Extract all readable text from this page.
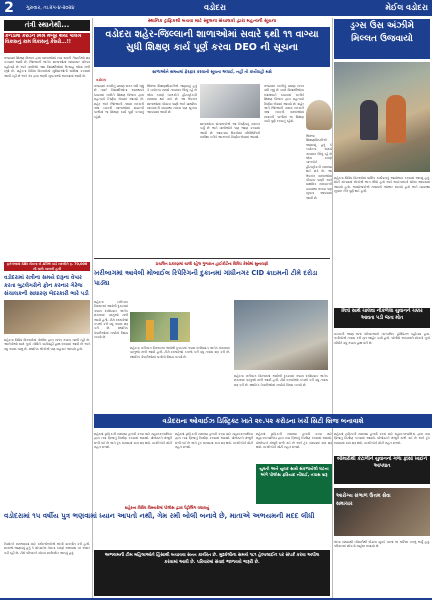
2	ગુરુવાર, તા.૨૫-૪-૨૦૨૪	વડોદરા	મેઈલ વડોદરા
તંત્રી સ્થાનેથી...
કેનેડામાં કરુંડન મિશ્ર મંજૂર થયા પાલખ વિકાસનું કામ વિકાસનું કેસરો...!!
રાજ્યમાં શિક્ષણ વિભાગ દ્વારા શાળાઓમાં નવા સત્રની તૈયારીઓ શરૂ કરવામાં આવી છે. જિલ્લાની અનેક શાળાઓમાં સમયસર પરિપત્ર પહોંચ્યો છે અને વાલીઓ તથા વિદ્યાર્થીઓમાં ઉત્સાહ જોવા મળી રહ્યો છે. શહેરના વિવિધ વિસ્તારોમાં સુવિધાઓની સમીક્ષા કરવામાં આવી રહી છે અને તંત્ર દ્વારા જરૂરી સૂચનાઓ આપવામાં આવી છે.
ફતેગંજમાં SBI બેંકના બે ATM કાર્ડ બદલીને રૂ. 70,000 ની ચાઉં ચાલતી હતી
વડોદરામાં રાત્રીના સમયે દારૂના વેપાર કરતા બુટલેગરોને ફોન કરનાર ગેરેજ સંચાલકની સાધારણ બેદરકારી ભારે પડી
શહેરના વિવિધ વિસ્તારોમાં પોલીસ દ્વારા સતત તપાસ ચાલી રહી છે. આરોપીઓ સામે ગુનો નોંધીને કાર્યવાહી હાથ ધરવામાં આવી છે અને વધુ તપાસ ચાલુ છે. સ્થાનિક લોકોએ પણ સહકાર આપ્યો હતો.
સ્થાનિક ટ્રાફિકથી બચવા માટે સ્કૂલના સંચાલકો દ્વારા મહત્વની સૂચના
વડોદરા શહેર-જિલ્લાની શાળાઓમાં સવારે ૬થી ૧૧ વાગ્યા સુધી શિક્ષણ કાર્ય પૂર્ણ કરવા DEO ની સૂચના
શાળાઓને સમયમાં ફેરફાર કરવાની સૂચના અપાઈ, નહીં તો કાર્યવાહી થશે
વડોદરા
રાજ્યમાં ગરમીનું પ્રમાણ સતત વધી રહ્યું છે ત્યારે વિદ્યાર્થીઓના સ્વાસ્થ્યને ધ્યાનમાં રાખીને શિક્ષણ વિભાગ દ્વારા મહત્વનો નિર્ણય લેવામાં આવ્યો છે. શહેર અને જિલ્લાની તમામ સરકારી તથા ખાનગી શાળાઓમાં સવારની પાળીમાં જ શિક્ષણ કાર્ય પૂર્ણ કરવાનું રહેશે.
જિલ્લા શિક્ષણાધિકારીએ જણાવ્યું હતું કે બપોરના સમયે તાપમાન ઊંચું રહે છે જેના કારણે બાળકોને હીટસ્ટ્રોકની સમસ્યા થઈ શકે છે. આ ઉપરાંત શાળાઓમાં પીવાના પાણી અને પ્રાથમિક સારવારની વ્યવસ્થા રાખવા પણ સૂચના આપવામાં આવી છે.
શાળાઓના સંચાલકોએ આ નિર્ણયનું સ્વાગત કર્યું છે અને વાલીઓને પણ જાણ કરવામાં આવી છે. આવનારા દિવસોમાં પરિસ્થિતિની સમીક્ષા કરીને આગળનો નિર્ણય લેવામાં આવશે.
રાજ્યમાં ગરમીનું પ્રમાણ સતત વધી રહ્યું છે ત્યારે વિદ્યાર્થીઓના સ્વાસ્થ્યને ધ્યાનમાં રાખીને શિક્ષણ વિભાગ દ્વારા મહત્વનો નિર્ણય લેવામાં આવ્યો છે. શહેર અને જિલ્લાની તમામ સરકારી તથા ખાનગી શાળાઓમાં સવારની પાળીમાં જ શિક્ષણ કાર્ય પૂર્ણ કરવાનું રહેશે.
જિલ્લા શિક્ષણાધિકારીએ જણાવ્યું હતું કે બપોરના સમયે તાપમાન ઊંચું રહે છે જેના કારણે બાળકોને હીટસ્ટ્રોકની સમસ્યા થઈ શકે છે. આ ઉપરાંત શાળાઓમાં પીવાના પાણી અને પ્રાથમિક સારવારની વ્યવસ્થા રાખવા પણ સૂચના આપવામાં આવી છે.
ડ્રગ્સ ઉંસ અંઝીમે મિલ્લત ઉજવાયો
શહેરના વિવિધ વિસ્તારોમાં ધાર્મિક કાર્યક્રમનું આયોજન કરવામાં આવ્યું હતું. મોટી સંખ્યામાં લોકોએ ભાગ લીધો હતો અને ભાઈચારાનો સંદેશ આપવામાં આવ્યો હતો. આયોજકોએ તમામનો આભાર માન્યો હતો અને વ્યવસ્થા સુચારુ રીતે પૂર્ણ થઈ હતી.
પ્રચલિત પ્રકરણમાં ચાલી રહેલ ગુજરાત હાઈકોર્ટના વિવિધ કેસોમાં સુનાવણી
ખરીબાગમાં આવેલી મોબાઈલ રિપેરિંગની દુકાનમાં ગાંધીનગર CID ક્રાઇમની ટીમે દરોડા પાડ્યા
શહેરના ખરીબાગ વિસ્તારમાં આવેલી દુકાનમાં તપાસ દરમિયાન અનેક શંકાસ્પદ વસ્તુઓ મળી આવી હતી. ટીમે દસ્તાવેજો કબજે કરી વધુ તપાસ શરૂ કરી છે. સ્થાનિક વેપારીઓમાં ચર્ચાનો વિષય બન્યો છે.
શહેરના ખરીબાગ વિસ્તારમાં આવેલી દુકાનમાં તપાસ દરમિયાન અનેક શંકાસ્પદ વસ્તુઓ મળી આવી હતી. ટીમે દસ્તાવેજો કબજે કરી વધુ તપાસ શરૂ કરી છે. સ્થાનિક વેપારીઓમાં ચર્ચાનો વિષય બન્યો છે.
શહેરના ખરીબાગ વિસ્તારમાં આવેલી દુકાનમાં તપાસ દરમિયાન અનેક શંકાસ્પદ વસ્તુઓ મળી આવી હતી. ટીમે દસ્તાવેજો કબજે કરી વધુ તપાસ શરૂ કરી છે. સ્થાનિક વેપારીઓમાં ચર્ચાનો વિષય બન્યો છે.
મિત્રો સાથે ચાલવા નીકળેલા યુવાનને ચક્કર આવતા પડી જતા મોત
ઘટનાની જાણ થતાં પરિવારજનો તાત્કાલિક હોસ્પિટલ પહોંચ્યા હતા. તબીબોએ તપાસ કરી મૃત જાહેર કર્યો હતો. પોલીસે અકસ્માતે મોતનો ગુનો નોંધીને વધુ તપાસ હાથ ધરી છે.
વડોદરાના ઓવાઈઝ ડિસ્ટ્રિક્ટ ખાતે ૨૯.૫૨ કરોડના ખર્ચે સિટી બ્રિજ બનાવાશે
શહેરમાં ટ્રાફિકની સમસ્યા હળવી કરવા માટે મહાનગરપાલિકા દ્વારા નવા બ્રિજનું નિર્માણ કરવામાં આવશે. પ્રોજેક્ટને મંજૂરી મળી ગઈ છે અને ટૂંક સમયમાં કામ શરૂ થશે. નાગરિકોને મોટી રાહત મળશે.
શહેરમાં ટ્રાફિકની સમસ્યા હળવી કરવા માટે મહાનગરપાલિકા દ્વારા નવા બ્રિજનું નિર્માણ કરવામાં આવશે. પ્રોજેક્ટને મંજૂરી મળી ગઈ છે અને ટૂંક સમયમાં કામ શરૂ થશે. નાગરિકોને મોટી રાહત મળશે.
શહેરમાં ટ્રાફિકની સમસ્યા હળવી કરવા માટે મહાનગરપાલિકા દ્વારા નવા બ્રિજનું નિર્માણ કરવામાં આવશે. પ્રોજેક્ટને મંજૂરી મળી ગઈ છે અને ટૂંક સમયમાં કામ શરૂ થશે. નાગરિકોને મોટી રાહત મળશે.
શહેરમાં ટ્રાફિકની સમસ્યા હળવી કરવા માટે મહાનગરપાલિકા દ્વારા નવા બ્રિજનું નિર્માણ કરવામાં આવશે. પ્રોજેક્ટને મંજૂરી મળી ગઈ છે અને ટૂંક સમયમાં કામ શરૂ થશે. નાગરિકોને મોટી રાહત મળશે.
યુવતી અને યુવક સાથે સંકળાયેલી ઘટના અંગે પોલીસ ફરિયાદ નોંધાઈ, તપાસ શરૂ
બીમારીથી કંટાળીને યુવાનનો ગળા ફાંસો ખાઈને આપઘાત
આરોગ્ય સંભાળ ઉત્તમ સેવા સમાચાર
લાંબા સમયથી બીમારીથી પીડાતા યુવકે ઘરમાં જ અંતિમ પગલું ભર્યું હતું. પરિવારમાં શોકનો માહોલ છવાયો છે.
શહેરના વિવિધ વિસ્તારોમાં પોલીસ દ્વારા પેટ્રોલિંગ વધારાયું
વડોદરામાં ૧૫ વર્ષીય પુત્ર ભણવામાં ધ્યાન આપતો નથી, ગેમ રમી બોલી બનાવે છે, માતાએ અભયમની મદદ લીધી
કિશોરને સમજાવવા માટે કાઉન્સેલરોએ લાંબી વાતચીત કરી હતી. માતાએ જણાવ્યું હતું કે મોબાઈલ ગેમના કારણે અભ્યાસ પર અસર પડી રહી છે. ટીમે પરિવારને યોગ્ય માર્ગદર્શન આપ્યું હતું.
અભયમની ટીમ મહિલાઓને હિંસાથી બચાવવા સતત કાર્યરત છે. મુશ્કેલીના સમયે ૧૮૧ હેલ્પલાઈન પર સંપર્ક કરવા અપીલ કરવામાં આવી છે. પરિવારમાં સંવાદ જાળવવો જરૂરી છે.
